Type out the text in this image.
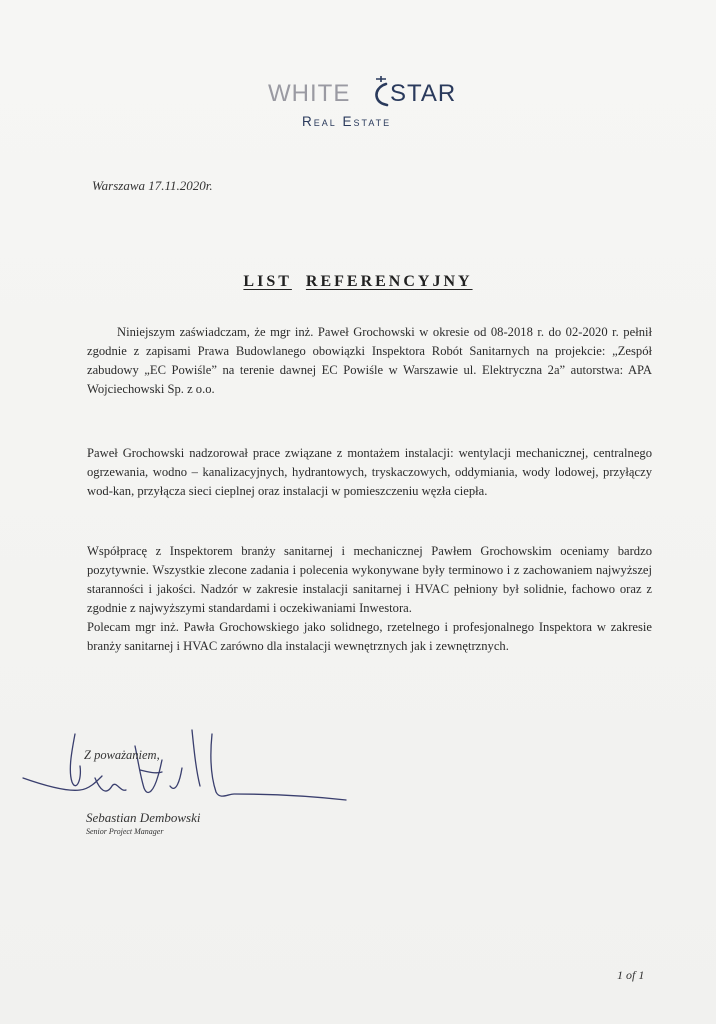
WHITE STAR
Real Estate
Warszawa 17.11.2020r.
LIST REFERENCYJNY

Niniejszym zaświadczam, że mgr inż. Paweł Grochowski w okresie od 08-2018 r. do 02-2020 r. pełnił zgodnie z zapisami Prawa Budowlanego obowiązki Inspektora Robót Sanitarnych na projekcie: „Zespół zabudowy „EC Powiśle” na terenie dawnej EC Powiśle w Warszawie ul. Elektryczna 2a” autorstwa: APA Wojciechowski Sp. z o.o.

Paweł Grochowski nadzorował prace związane z montażem instalacji: wentylacji mechanicznej, centralnego ogrzewania, wodno – kanalizacyjnych, hydrantowych, tryskaczowych, oddymiania, wody lodowej, przyłączy wod-kan, przyłącza sieci cieplnej oraz instalacji w pomieszczeniu węzła ciepła.

Współpracę z Inspektorem branży sanitarnej i mechanicznej Pawłem Grochowskim oceniamy bardzo pozytywnie. Wszystkie zlecone zadania i polecenia wykonywane były terminowo i z zachowaniem najwyższej staranności i jakości. Nadzór w zakresie instalacji sanitarnej i HVAC pełniony był solidnie, fachowo oraz z zgodnie z najwyższymi standardami i oczekiwaniami Inwestora.

Polecam mgr inż. Pawła Grochowskiego jako solidnego, rzetelnego i profesjonalnego Inspektora w zakresie branży sanitarnej i HVAC zarówno dla instalacji wewnętrznych jak i zewnętrznych.

Z poważaniem,
Sebastian Dembowski
Senior Project Manager
1 of 1
